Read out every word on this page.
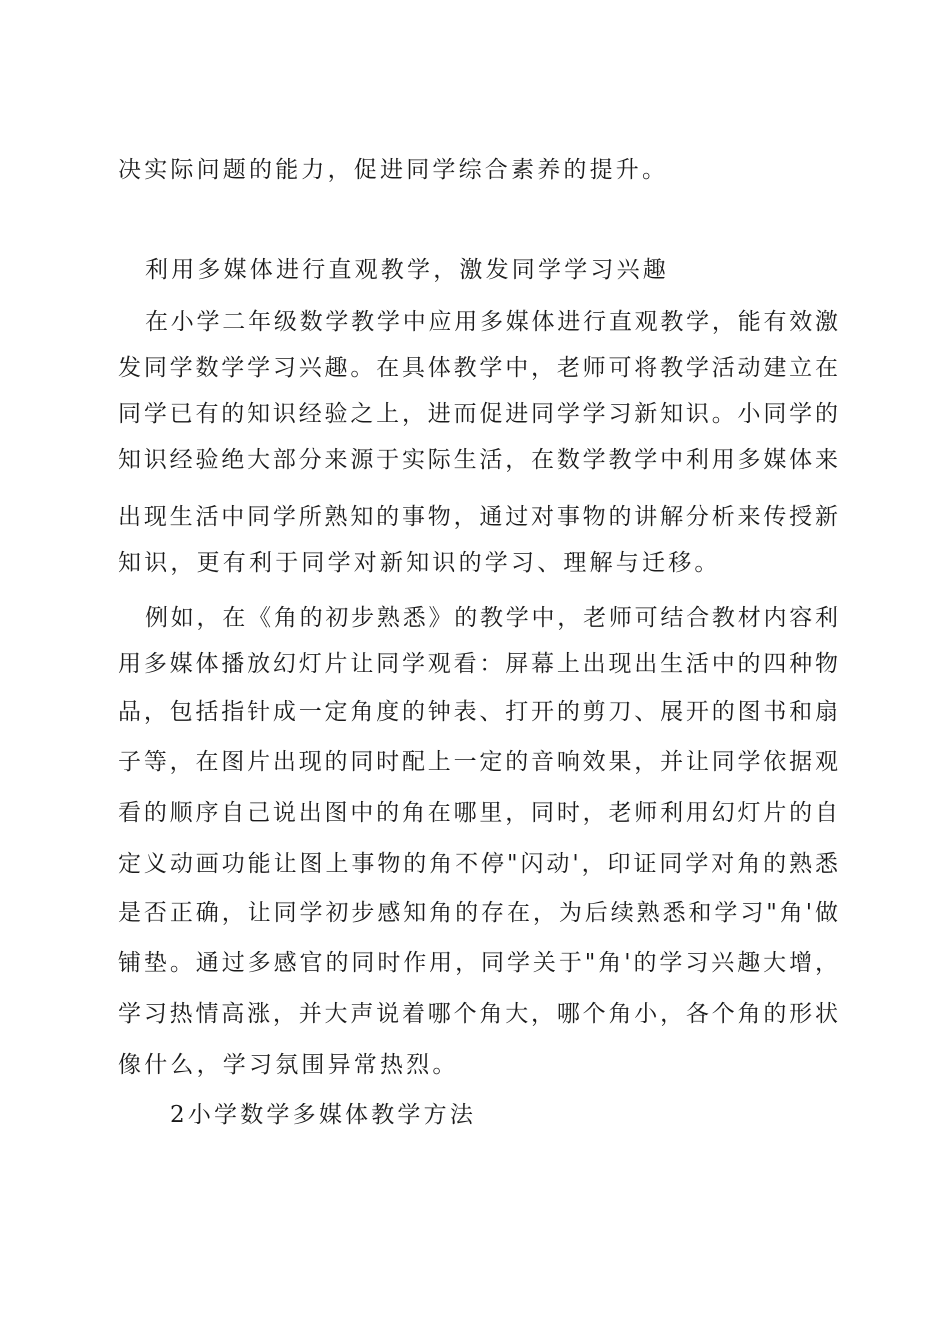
决实际问题的能力，促进同学综合素养的提升。
利用多媒体进行直观教学，激发同学学习兴趣
在小学二年级数学教学中应用多媒体进行直观教学，能有效激
发同学数学学习兴趣。在具体教学中，老师可将教学活动建立在
同学已有的知识经验之上，进而促进同学学习新知识。小同学的
知识经验绝大部分来源于实际生活，在数学教学中利用多媒体来
出现生活中同学所熟知的事物，通过对事物的讲解分析来传授新
知识，更有利于同学对新知识的学习、理解与迁移。
例如，在《角的初步熟悉》的教学中，老师可结合教材内容利
用多媒体播放幻灯片让同学观看：屏幕上出现出生活中的四种物
品，包括指针成一定角度的钟表、打开的剪刀、展开的图书和扇
子等，在图片出现的同时配上一定的音响效果，并让同学依据观
看的顺序自己说出图中的角在哪里，同时，老师利用幻灯片的自
定义动画功能让图上事物的角不停"闪动'，印证同学对角的熟悉
是否正确，让同学初步感知角的存在，为后续熟悉和学习"角'做
铺垫。通过多感官的同时作用，同学关于"角'的学习兴趣大增，
学习热情高涨，并大声说着哪个角大，哪个角小，各个角的形状
像什么，学习氛围异常热烈。
2小学数学多媒体教学方法
